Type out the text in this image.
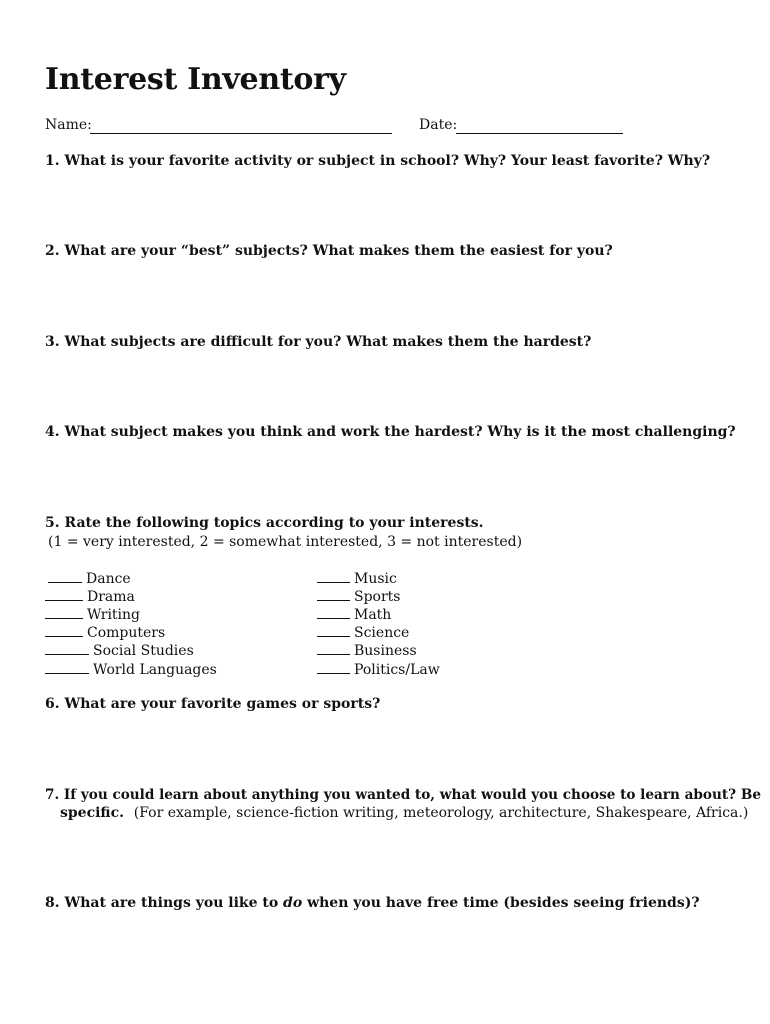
Interest Inventory
Name:	Date:

1. What is your favorite activity or subject in school? Why? Your least favorite? Why?

2. What are your “best” subjects? What makes them the easiest for you?

3. What subjects are difficult for you? What makes them the hardest?

4. What subject makes you think and work the hardest? Why is it the most challenging?

5. Rate the following topics according to your interests.

(1 = very interested, 2 = somewhat interested, 3 = not interested)
Dance
Drama
Writing
Computers
Social Studies
World Languages
Music
Sports
Math
Science
Business
Politics/Law

6. What are your favorite games or sports?

7. If you could learn about anything you wanted to, what would you choose to learn about? Be

specific. (For example, science-fiction writing, meteorology, architecture, Shakespeare, Africa.)

8. What are things you like to do when you have free time (besides seeing friends)?
